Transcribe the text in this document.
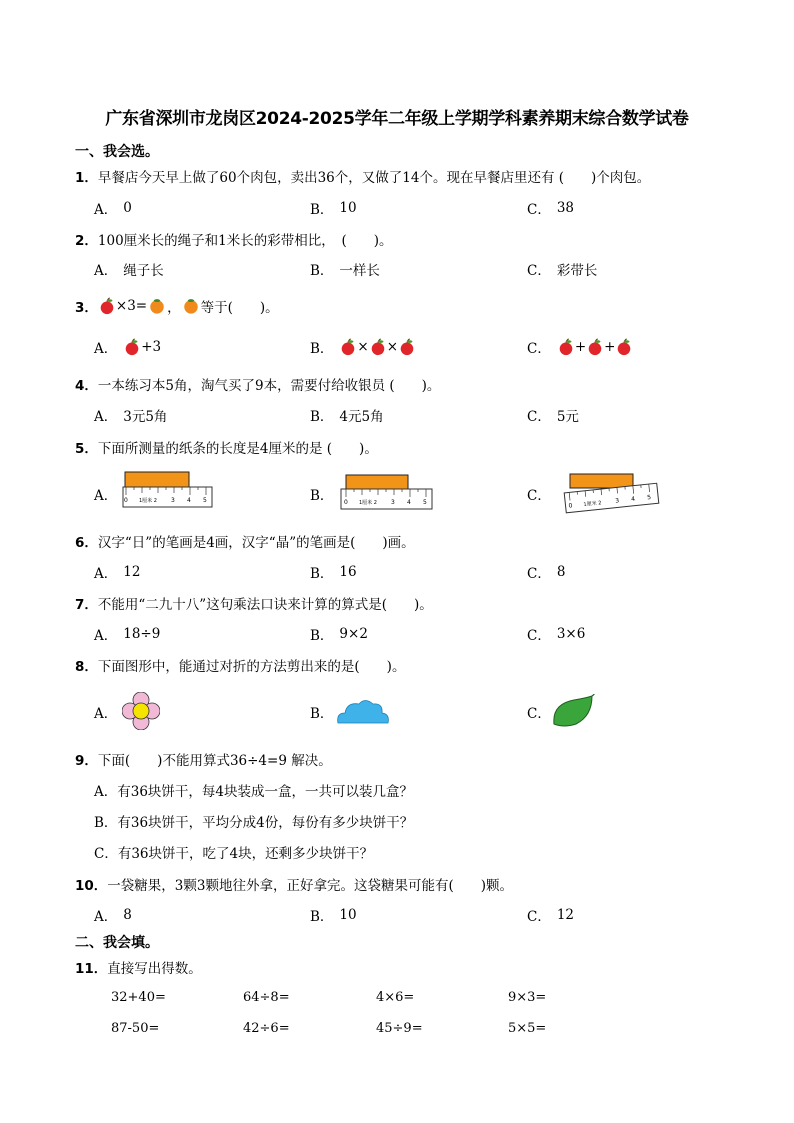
广东省深圳市龙岗区2024-2025学年二年级上学期学科素养期末综合数学试卷
一、我会选。
1．早餐店今天早上做了60个肉包，卖出36个，又做了14个。现在早餐店里还有 (　　)个肉包。
A． 0	B． 10	C． 38
2．100厘米长的绳子和1米长的彩带相比，　(　　)。
A． 绳子长	B． 一样长	C． 彩带长
3． ×3= ， 等于(　　)。
A． +3	B． × ×	C． + +
4．一本练习本5角，淘气买了9本，需要付给收银员 (　　)。
A． 3元5角	B． 4元5角	C． 5元
5．下面所测量的纸条的长度是4厘米的是 (　　)。
A． 0 1厘米 2 3 4 5	B． 0 1厘米 2 3 4 5	C．
0 1厘米 2 3 4 5
6．汉字“日”的笔画是4画，汉字“晶”的笔画是(　　)画。
A． 12	B． 16	C． 8
7．不能用“二九十八”这句乘法口诀来计算的算式是(　　)。
A． 18÷9	B． 9×2	C． 3×6
8．下面图形中，能通过对折的方法剪出来的是(　　)。
A．	B．	C．
9．下面(　　)不能用算式36÷4=9 解决。
A．有36块饼干，每4块装成一盒，一共可以装几盒？
B．有36块饼干，平均分成4份，每份有多少块饼干？
C．有36块饼干，吃了4块，还剩多少块饼干？
10．一袋糖果，3颗3颗地往外拿，正好拿完。这袋糖果可能有(　　)颗。
A． 8	B． 10	C． 12
二、我会填。
11．直接写出得数。
32+40=	64÷8=	4×6=	9×3=
87-50=	42÷6=	45÷9=	5×5=
